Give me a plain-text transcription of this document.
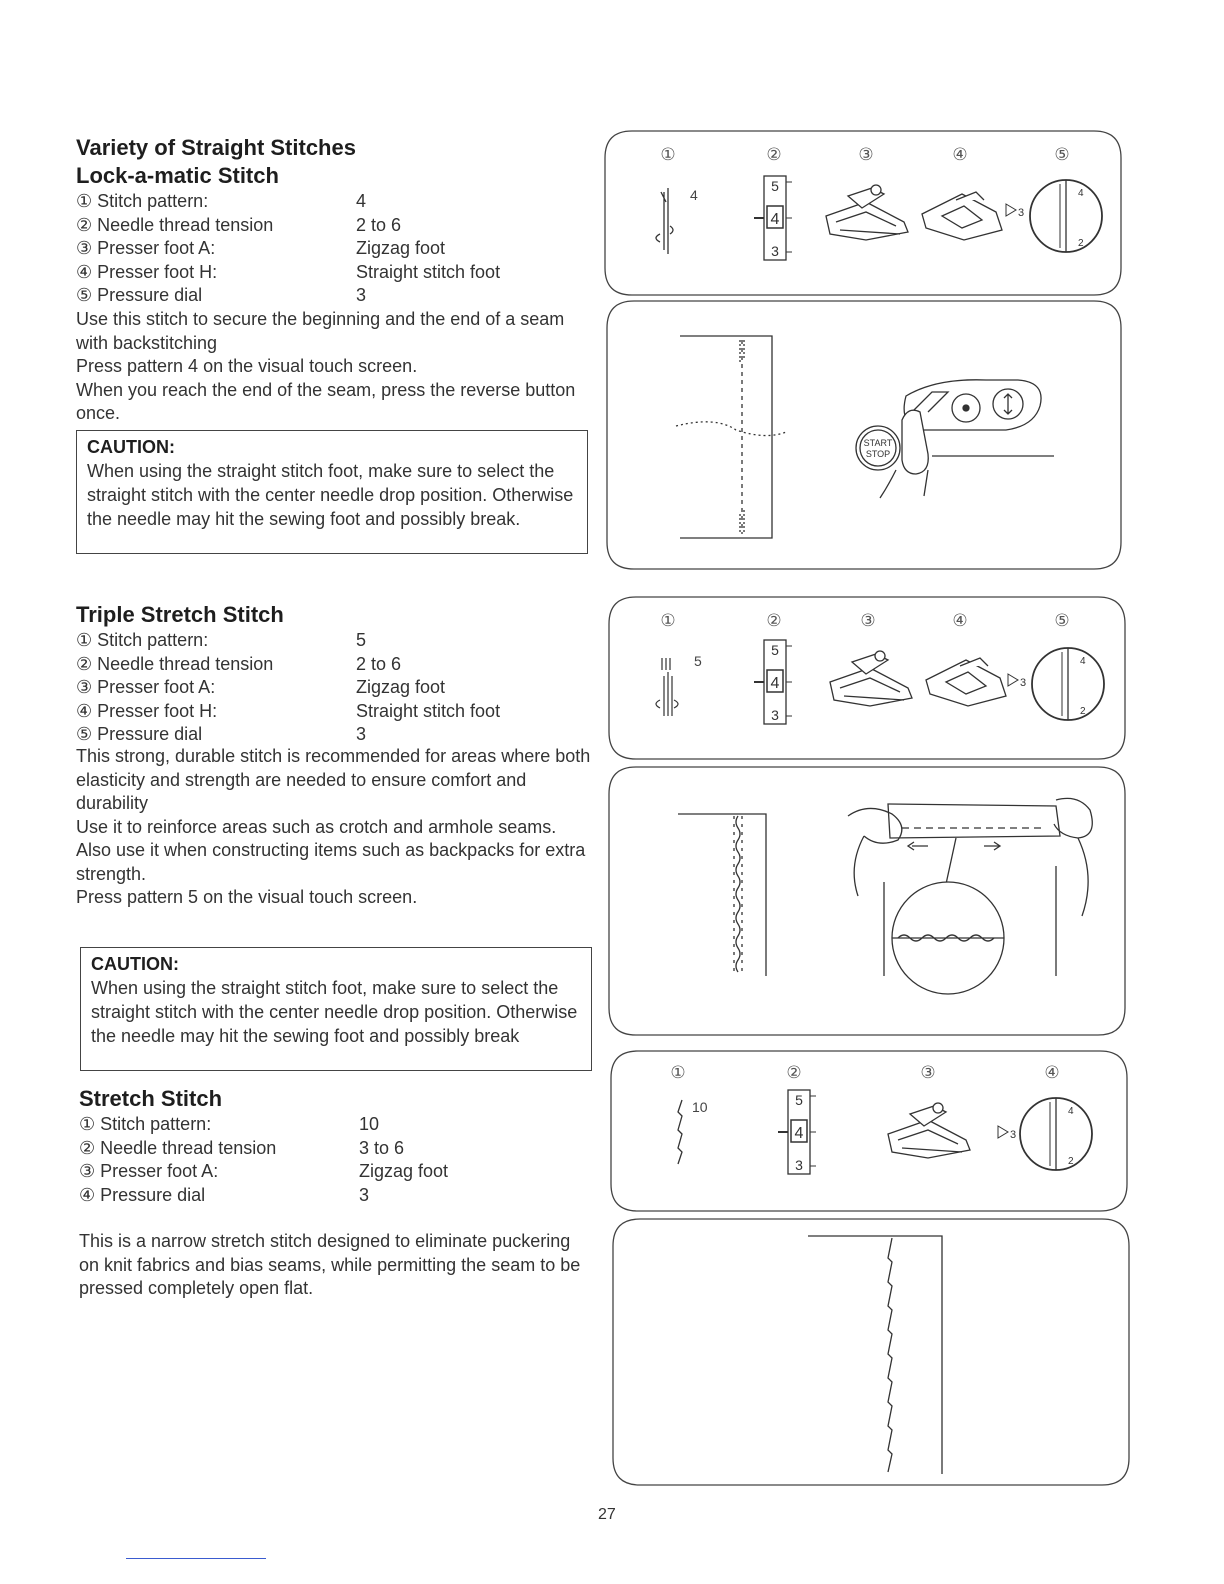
Variety of Straight Stitches
Lock-a-matic Stitch
① Stitch pattern:	4
② Needle thread tension	2 to 6
③ Presser foot A:	Zigzag foot
④ Presser foot H:	Straight stitch foot
⑤ Pressure dial	3

Use this stitch to secure the beginning and the end of a seam with backstitching

Press pattern 4 on the visual touch screen.

When you reach the end of the seam, press the reverse button once.

CAUTION:
When using the straight stitch foot, make sure to select the straight stitch with the center needle drop position. Otherwise the needle may hit the sewing foot and possibly break.
Triple Stretch Stitch
① Stitch pattern:	5
② Needle thread tension	2 to 6
③ Presser foot A:	Zigzag foot
④ Presser foot H:	Straight stitch foot
⑤ Pressure dial	3

This strong, durable stitch is recommended for areas where both elasticity and strength are needed to ensure comfort and durability

Use it to reinforce areas such as crotch and armhole seams.

Also use it when constructing items such as backpacks for extra strength.

Press pattern 5 on the visual touch screen.

CAUTION:
When using the straight stitch foot, make sure to select the straight stitch with the center needle drop position. Otherwise the needle may hit the sewing foot and possibly break
Stretch Stitch
① Stitch pattern:	10
② Needle thread tension	3 to 6
③ Presser foot A:	Zigzag foot
④ Pressure dial	3

This is a narrow stretch stitch designed to eliminate puckering on knit fabrics and bias seams, while permitting the seam to be pressed completely open flat.

①	②	③	④	⑤
4
5
4
3
3
4
2
START
STOP
①	②	③	④	⑤
5
5
4
3
3
4
2
①	②	③	④
10	5
4
3
3
4
2
27
